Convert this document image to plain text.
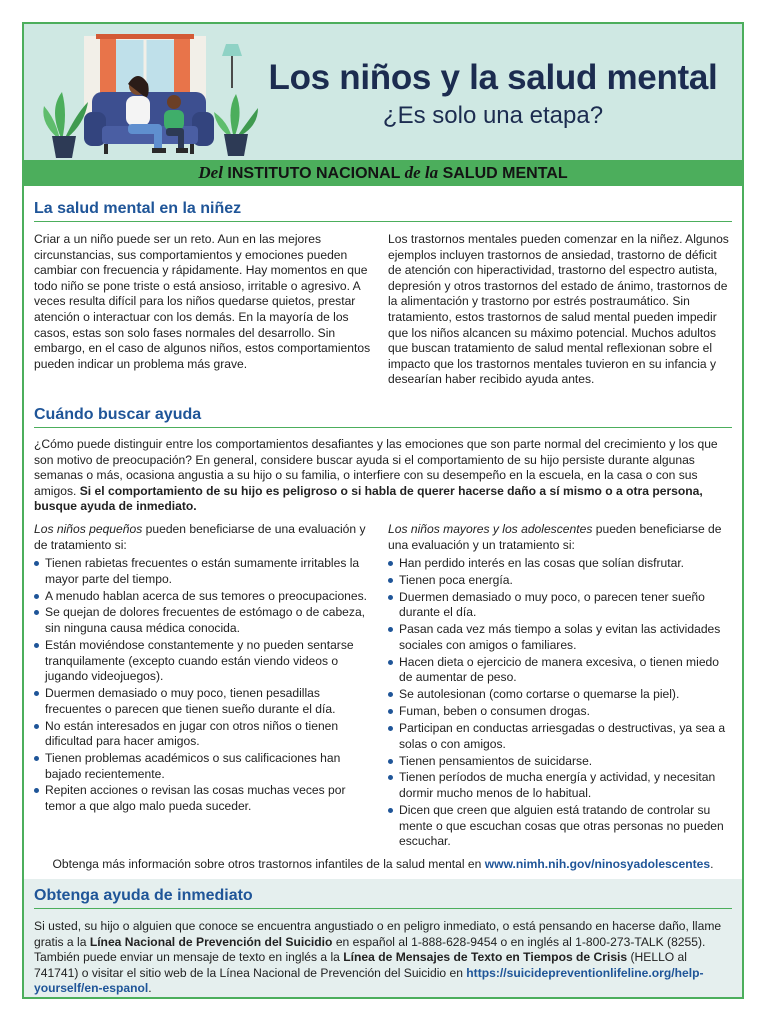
Los niños y la salud mental
¿Es solo una etapa?
Del INSTITUTO NACIONAL de la SALUD MENTAL
La salud mental en la niñez

Criar a un niño puede ser un reto. Aun en las mejores circunstancias, sus comportamientos y emociones pueden cambiar con frecuencia y rápidamente. Hay momentos en que todo niño se pone triste o está ansioso, irritable o agresivo. A veces resulta difícil para los niños quedarse quietos, prestar atención o interactuar con los demás. En la mayoría de los casos, estas son solo fases normales del desarrollo. Sin embargo, en el caso de algunos niños, estos comportamientos pueden indicar un problema más grave.

Los trastornos mentales pueden comenzar en la niñez. Algunos ejemplos incluyen trastornos de ansiedad, trastorno de déficit de atención con hiperactividad, trastorno del espectro autista, depresión y otros trastornos del estado de ánimo, trastornos de la alimentación y trastorno por estrés postraumático. Sin tratamiento, estos trastornos de salud mental pueden impedir que los niños alcancen su máximo potencial. Muchos adultos que buscan tratamiento de salud mental reflexionan sobre el impacto que los trastornos mentales tuvieron en su infancia y desearían haber recibido ayuda antes.

Cuándo buscar ayuda

¿Cómo puede distinguir entre los comportamientos desafiantes y las emociones que son parte normal del crecimiento y los que son motivo de preocupación? En general, considere buscar ayuda si el comportamiento de su hijo persiste durante algunas semanas o más, ocasiona angustia a su hijo o su familia, o interfiere con su desempeño en la escuela, en la casa o con sus amigos. Si el comportamiento de su hijo es peligroso o si habla de querer hacerse daño a sí mismo o a otra persona, busque ayuda de inmediato.

Los niños pequeños pueden beneficiarse de una evaluación y de tratamiento si:

Tienen rabietas frecuentes o están sumamente irritables la mayor parte del tiempo.
A menudo hablan acerca de sus temores o preocupaciones.
Se quejan de dolores frecuentes de estómago o de cabeza, sin ninguna causa médica conocida.
Están moviéndose constantemente y no pueden sentarse tranquilamente (excepto cuando están viendo videos o jugando videojuegos).
Duermen demasiado o muy poco, tienen pesadillas frecuentes o parecen que tienen sueño durante el día.
No están interesados en jugar con otros niños o tienen dificultad para hacer amigos.
Tienen problemas académicos o sus calificaciones han bajado recientemente.
Repiten acciones o revisan las cosas muchas veces por temor a que algo malo pueda suceder.

Los niños mayores y los adolescentes pueden beneficiarse de una evaluación y un tratamiento si:

Han perdido interés en las cosas que solían disfrutar.
Tienen poca energía.
Duermen demasiado o muy poco, o parecen tener sueño durante el día.
Pasan cada vez más tiempo a solas y evitan las actividades sociales con amigos o familiares.
Hacen dieta o ejercicio de manera excesiva, o tienen miedo de aumentar de peso.
Se autolesionan (como cortarse o quemarse la piel).
Fuman, beben o consumen drogas.
Participan en conductas arriesgadas o destructivas, ya sea a solas o con amigos.
Tienen pensamientos de suicidarse.
Tienen períodos de mucha energía y actividad, y necesitan dormir mucho menos de lo habitual.
Dicen que creen que alguien está tratando de controlar su mente o que escuchan cosas que otras personas no pueden escuchar.

Obtenga más información sobre otros trastornos infantiles de la salud mental en www.nimh.nih.gov/ninosyadolescentes.

Obtenga ayuda de inmediato

Si usted, su hijo o alguien que conoce se encuentra angustiado o en peligro inmediato, o está pensando en hacerse daño, llame gratis a la Línea Nacional de Prevención del Suicidio en español al 1-888-628-9454 o en inglés al 1-800-273-TALK (8255). También puede enviar un mensaje de texto en inglés a la Línea de Mensajes de Texto en Tiempos de Crisis (HELLO al 741741) o visitar el sitio web de la Línea Nacional de Prevención del Suicidio en https://suicidepreventionlifeline.org/help-yourself/en-espanol.
